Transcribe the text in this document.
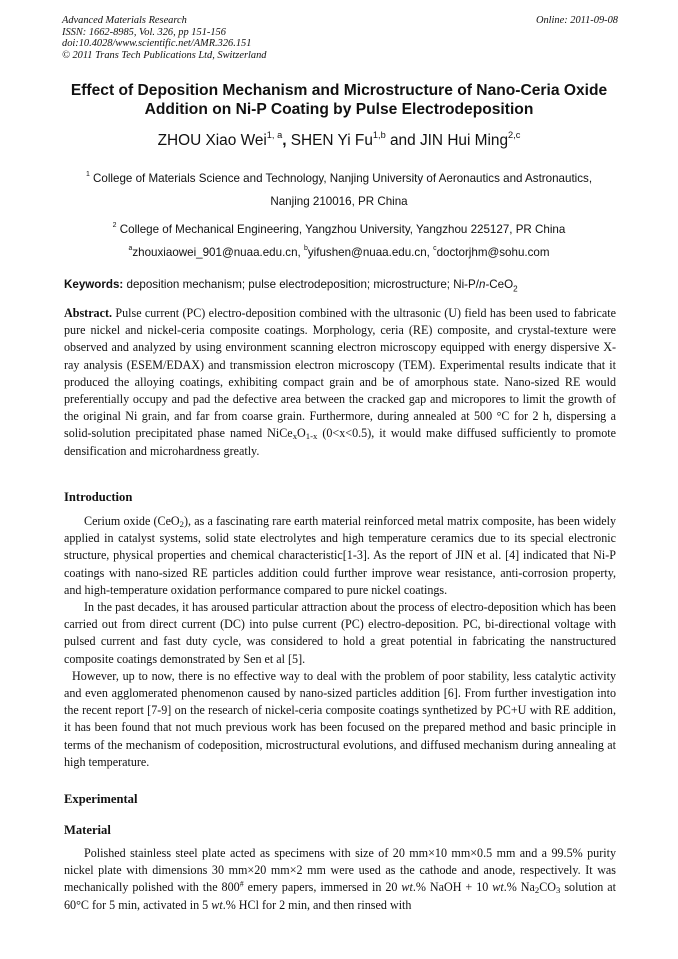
Advanced Materials Research
ISSN: 1662-8985, Vol. 326, pp 151-156
doi:10.4028/www.scientific.net/AMR.326.151
© 2011 Trans Tech Publications Ltd, Switzerland
Online: 2011-09-08
Effect of Deposition Mechanism and Microstructure of Nano-Ceria Oxide
Addition on Ni-P Coating by Pulse Electrodeposition
ZHOU Xiao Wei$^{1, a}$, SHEN Yi Fu$^{1,b}$ and JIN Hui Ming$^{2,c}$
$^1$ College of Materials Science and Technology, Nanjing University of Aeronautics and Astronautics,
Nanjing 210016, PR China
$^2$ College of Mechanical Engineering, Yangzhou University, Yangzhou 225127, PR China
$^a$zhouxiaowei_901@nuaa.edu.cn, $^b$yifushen@nuaa.edu.cn, $^c$doctorjhm@sohu.com
Keywords: deposition mechanism; pulse electrodeposition; microstructure; Ni-P/n-CeO$_2$
Abstract. Pulse current (PC) electro-deposition combined with the ultrasonic (U) field has been used to fabricate pure nickel and nickel-ceria composite coatings. Morphology, ceria (RE) composite, and crystal-texture were observed and analyzed by using environment scanning electron microscopy equipped with energy dispersive X-ray analysis (ESEM/EDAX) and transmission electron microscopy (TEM). Experimental results indicate that it produced the alloying coatings, exhibiting compact grain and be of amorphous state. Nano-sized RE would preferentially occupy and pad the defective area between the cracked gap and micropores to limit the growth of the original Ni grain, and far from coarse grain. Furthermore, during annealed at 500 °C for 2 h, dispersing a solid-solution precipitated phase named $NiCe_xO_{1-x}$ (0<x<0.5), it would make diffused sufficiently to promote densification and microhardness greatly.
Introduction
Cerium oxide (CeO$_2$), as a fascinating rare earth material reinforced metal matrix composite, has been widely applied in catalyst systems, solid state electrolytes and high temperature ceramics due to its special electronic structure, physical properties and chemical characteristic[1-3]. As the report of JIN et al. [4] indicated that Ni-P coatings with nano-sized RE particles addition could further improve wear resistance, anti-corrosion property, and high-temperature oxidation performance compared to pure nickel coatings.
In the past decades, it has aroused particular attraction about the process of electro-deposition which has been carried out from direct current (DC) into pulse current (PC) electro-deposition. PC, bi-directional voltage with pulsed current and fast duty cycle, was considered to hold a great potential in fabricating the nanstructured composite coatings demonstrated by Sen et al [5].
However, up to now, there is no effective way to deal with the problem of poor stability, less catalytic activity and even agglomerated phenomenon caused by nano-sized particles addition [6]. From further investigation into the recent report [7-9] on the research of nickel-ceria composite coatings synthetized by PC+U with RE addition, it has been found that not much previous work has been focused on the prepared method and basic principle in terms of the mechanism of codeposition, microstructural evolutions, and diffused mechanism during annealing at high temperature.
Experimental
Material
Polished stainless steel plate acted as specimens with size of 20 mm×10 mm×0.5 mm and a 99.5% purity nickel plate with dimensions 30 mm×20 mm×2 mm were used as the cathode and anode, respectively. It was mechanically polished with the 800# emery papers, immersed in 20 wt.% NaOH + 10 wt.% $Na_2CO_3$ solution at 60°C for 5 min, activated in 5 wt.% HCl for 2 min, and then rinsed with
